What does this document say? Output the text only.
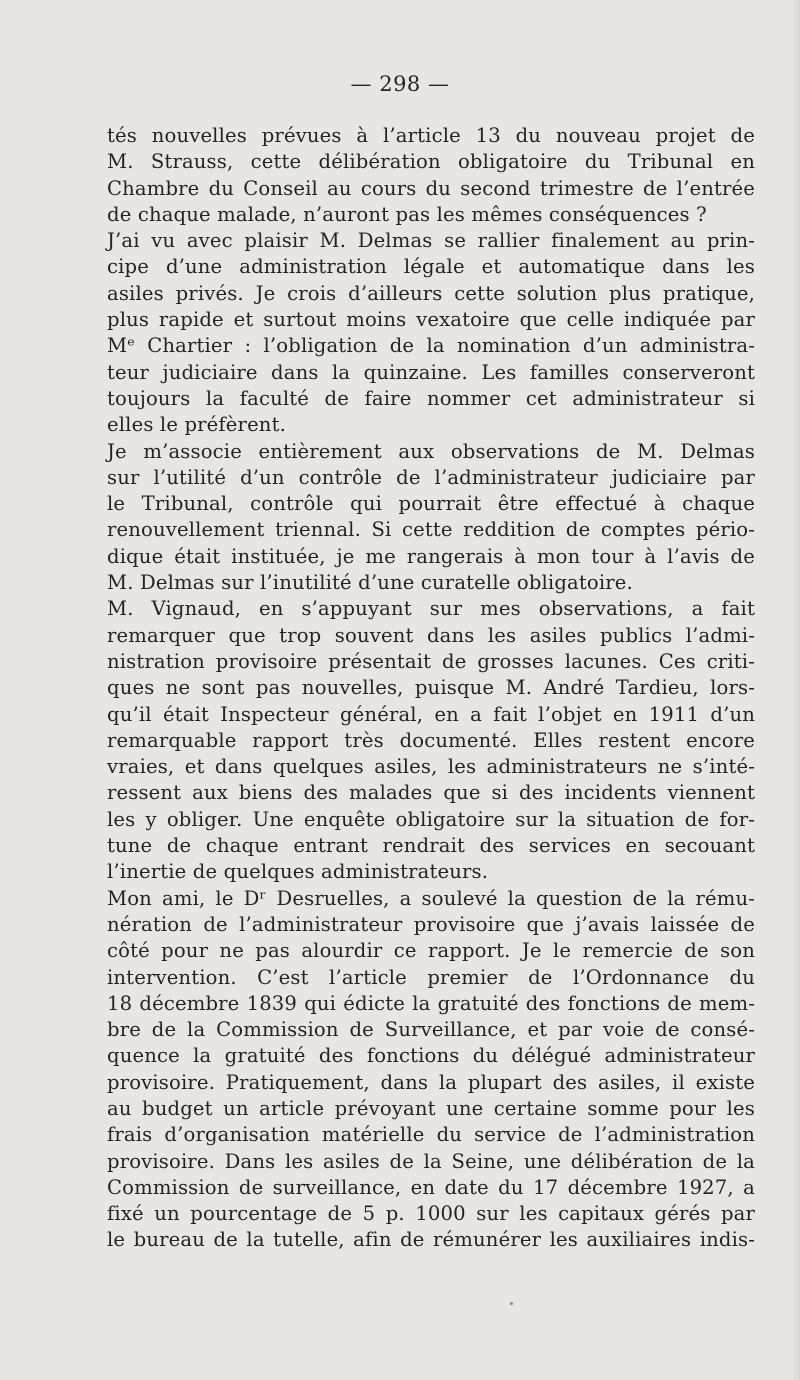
— 298 —
tés nouvelles prévues à l’article 13 du nouveau projet de
M. Strauss, cette délibération obligatoire du Tribunal en
Chambre du Conseil au cours du second trimestre de l’entrée
de chaque malade, n’auront pas les mêmes conséquences ?
J’ai vu avec plaisir M. Delmas se rallier finalement au prin-
cipe d’une administration légale et automatique dans les
asiles privés. Je crois d’ailleurs cette solution plus pratique,
plus rapide et surtout moins vexatoire que celle indiquée par
Mᵉ Chartier : l’obligation de la nomination d’un administra-
teur judiciaire dans la quinzaine. Les familles conserveront
toujours la faculté de faire nommer cet administrateur si
elles le préfèrent.
Je m’associe entièrement aux observations de M. Delmas
sur l’utilité d’un contrôle de l’administrateur judiciaire par
le Tribunal, contrôle qui pourrait être effectué à chaque
renouvellement triennal. Si cette reddition de comptes pério-
dique était instituée, je me rangerais à mon tour à l’avis de
M. Delmas sur l’inutilité d’une curatelle obligatoire.
M. Vignaud, en s’appuyant sur mes observations, a fait
remarquer que trop souvent dans les asiles publics l’admi-
nistration provisoire présentait de grosses lacunes. Ces criti-
ques ne sont pas nouvelles, puisque M. André Tardieu, lors-
qu’il était Inspecteur général, en a fait l’objet en 1911 d’un
remarquable rapport très documenté. Elles restent encore
vraies, et dans quelques asiles, les administrateurs ne s’inté-
ressent aux biens des malades que si des incidents viennent
les y obliger. Une enquête obligatoire sur la situation de for-
tune de chaque entrant rendrait des services en secouant
l’inertie de quelques administrateurs.
Mon ami, le Dʳ Desruelles, a soulevé la question de la rému-
nération de l’administrateur provisoire que j’avais laissée de
côté pour ne pas alourdir ce rapport. Je le remercie de son
intervention. C’est l’article premier de l’Ordonnance du
18 décembre 1839 qui édicte la gratuité des fonctions de mem-
bre de la Commission de Surveillance, et par voie de consé-
quence la gratuité des fonctions du délégué administrateur
provisoire. Pratiquement, dans la plupart des asiles, il existe
au budget un article prévoyant une certaine somme pour les
frais d’organisation matérielle du service de l’administration
provisoire. Dans les asiles de la Seine, une délibération de la
Commission de surveillance, en date du 17 décembre 1927, a
fixé un pourcentage de 5 p. 1000 sur les capitaux gérés par
le bureau de la tutelle, afin de rémunérer les auxiliaires indis-
